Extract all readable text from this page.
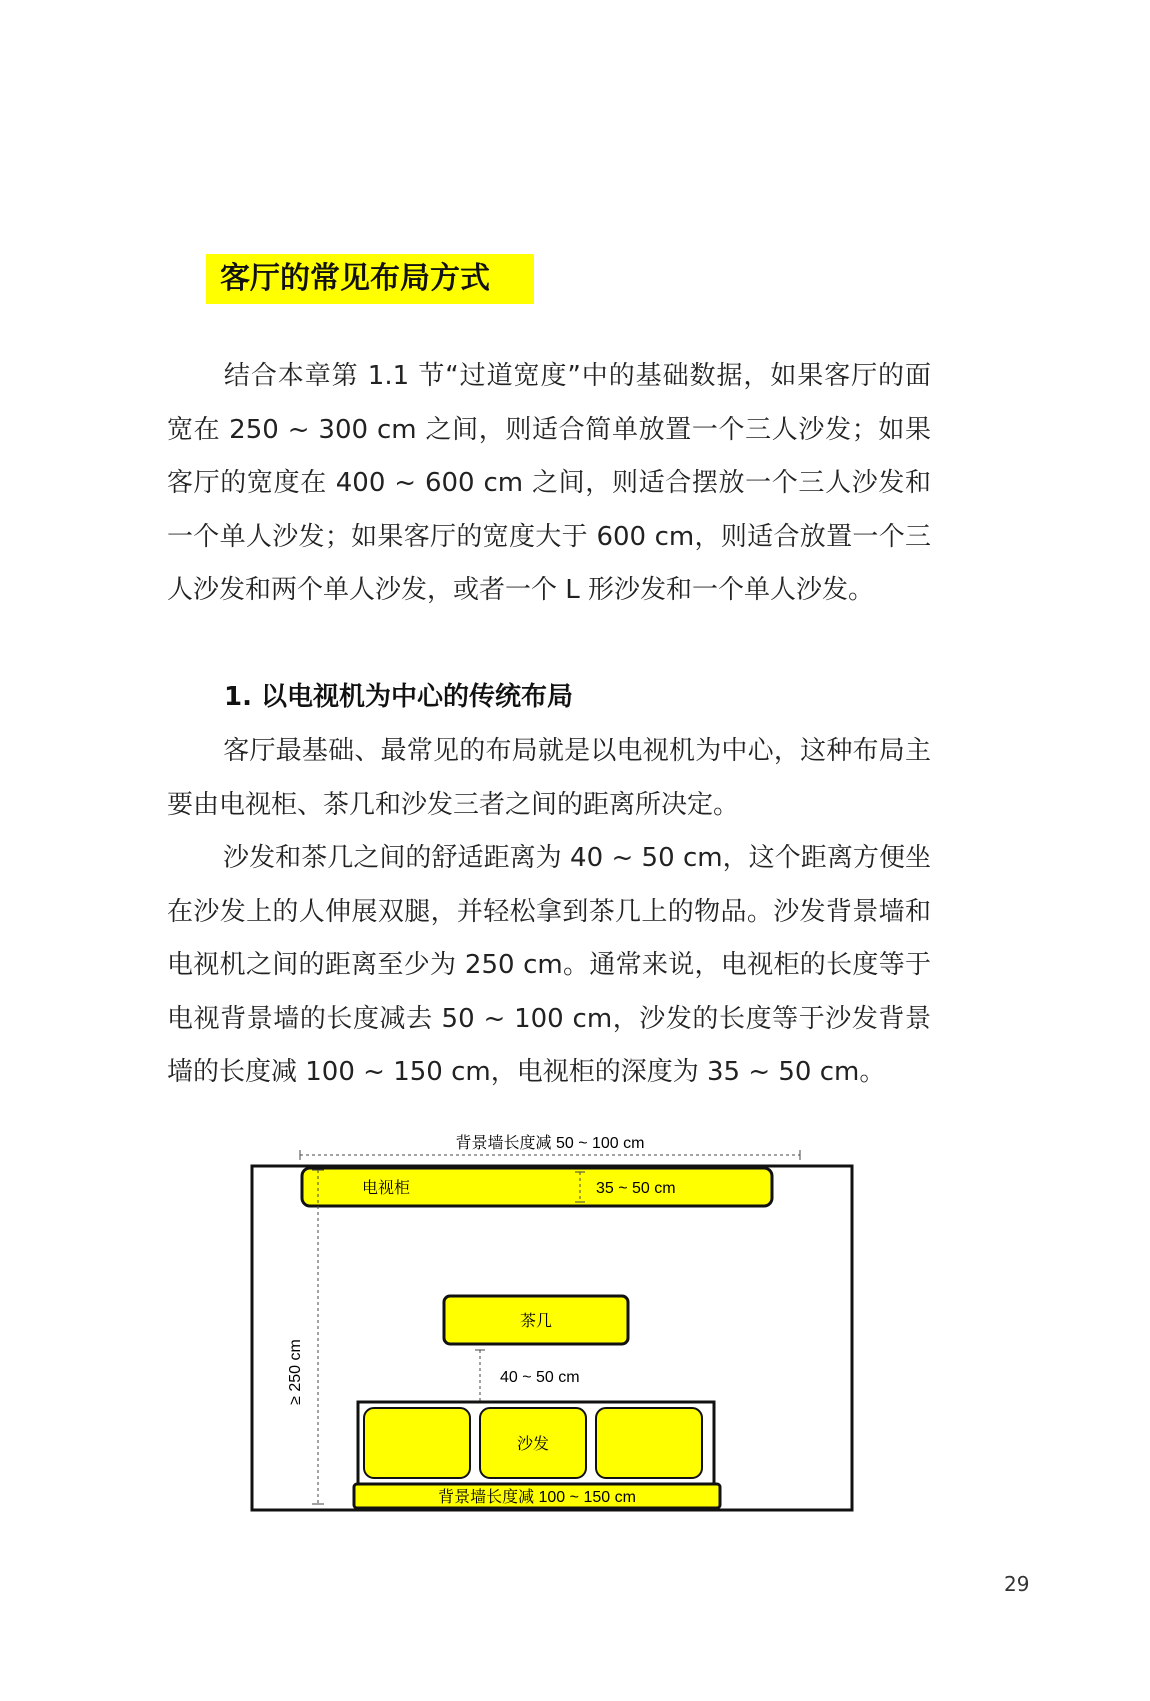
客厅的常见布局方式

结合本章第 1.1 节“过道宽度”中的基础数据，如果客厅的面宽在 250 ~ 300 cm 之间，则适合简单放置一个三人沙发；如果客厅的宽度在 400 ~ 600 cm 之间，则适合摆放一个三人沙发和一个单人沙发；如果客厅的宽度大于 600 cm，则适合放置一个三人沙发和两个单人沙发，或者一个 L 形沙发和一个单人沙发。

1. 以电视机为中心的传统布局

客厅最基础、最常见的布局就是以电视机为中心，这种布局主要由电视柜、茶几和沙发三者之间的距离所决定。

沙发和茶几之间的舒适距离为 40 ~ 50 cm，这个距离方便坐在沙发上的人伸展双腿，并轻松拿到茶几上的物品。沙发背景墙和电视机之间的距离至少为 250 cm。通常来说，电视柜的长度等于电视背景墙的长度减去 50 ~ 100 cm，沙发的长度等于沙发背景墙的长度减 100 ~ 150 cm，电视柜的深度为 35 ~ 50 cm。

背景墙长度减 50 ~ 100 cm
电视柜	35 ~ 50 cm
≥ 250 cm
茶几
40 ~ 50 cm
沙发
背景墙长度减 100 ~ 150 cm
29
